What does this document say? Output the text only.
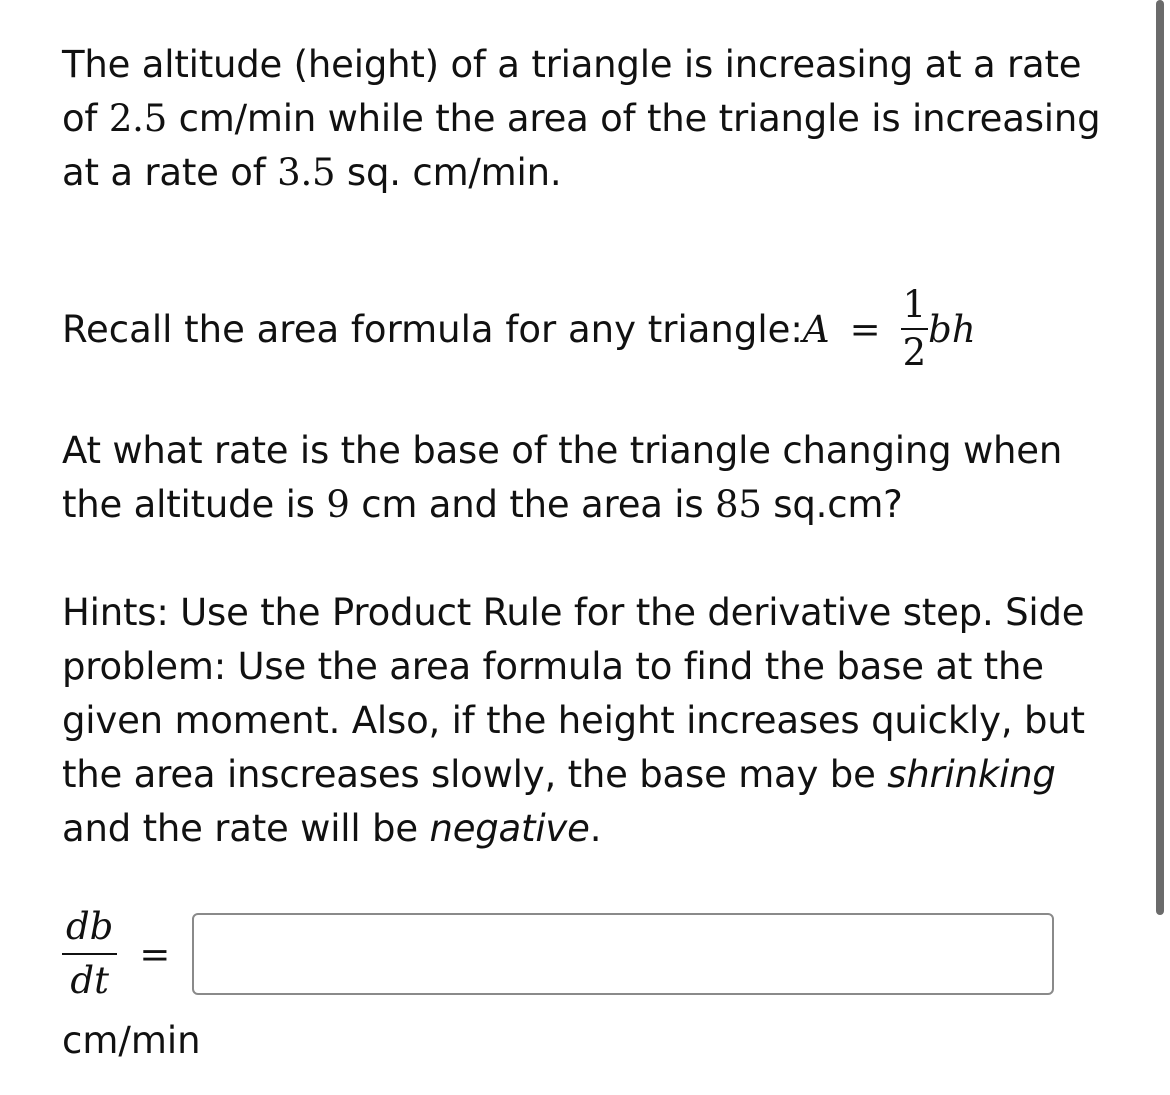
The altitude (height) of a triangle is increasing at a rate of 2.5 cm/min while the area of the triangle is increasing at a rate of 3.5 sq. cm/min.

Recall the area formula for any triangle: $A = \frac{1}{2}$ bh

At what rate is the base of the triangle changing when the altitude is 9 cm and the area is 85 sq.cm?

Hints: Use the Product Rule for the derivative step. Side problem: Use the area formula to find the base at the given moment. Also, if the height increases quickly, but the area inscreases slowly, the base may be shrinking and the rate will be negative.

$\frac{db}{dt}$ =
cm/min
